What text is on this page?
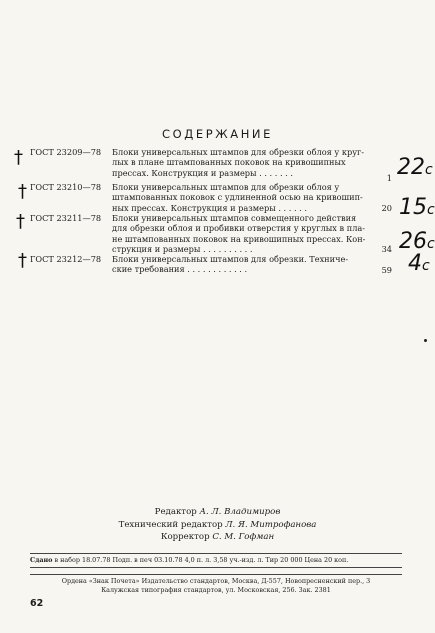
СОДЕРЖАНИЕ
† ГОСТ 23209—78	Блоки универсальных штампов для обрезки облоя у круг-
лых в плане штампованных поковок на кривошипных
прессах. Конструкция и размеры . . . . . . .
1 22с
† ГОСТ 23210—78	Блоки универсальных штампов для обрезки облоя у
штампованных поковок с удлиненной осью на кривошип-
ных прессах. Конструкция и размеры . . . . . .	20 15с
† ГОСТ 23211—78	Блоки универсальных штампов совмещенного действия
для обрезки облоя и пробивки отверстия у круглых в пла-
не штампованных поковок на кривошипных прессах. Кон-
струкция и размеры . . . . . . . . . .	34 26с
† ГОСТ 23212—78	Блоки универсальных штампов для обрезки. Техниче-
ские требования . . . . . . . . . . . .	59 4с
Редактор А. Л. Владимиров
Технический редактор Л. Я. Митрофанова
Корректор С. М. Гофман
Сдано в набор 18.07.78 Подп. в печ 03.10.78 4,0 п. л. 3,58 уч.-изд. л. Тир 20 000 Цена 20 коп.
Ордена «Знак Почета» Издательство стандартов, Москва, Д-557, Новопресненский пер., 3
Калужская типография стандартов, ул. Московская, 256. Зак. 2381
62
